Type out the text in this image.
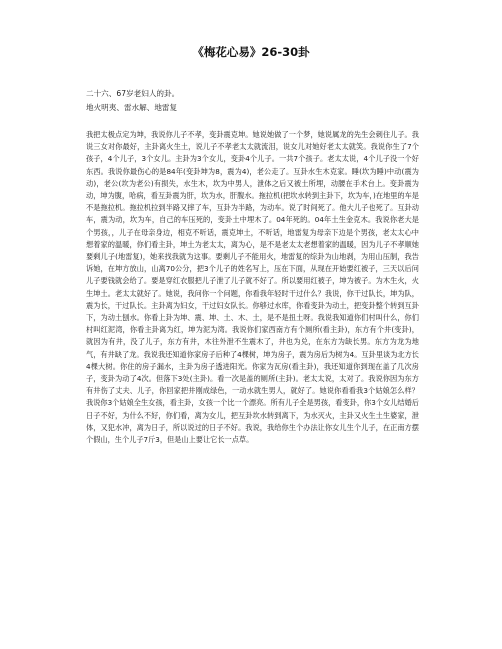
《梅花心易》26-30卦
二十六、67岁老妇人的卦。
地火明夷、雷水解、地雷复

我把太极点定为坤，我说你儿子不孝，变卦震克坤。她说她做了一个梦，她说属龙的先生会刺住儿子。我说三女对你最好，主卦离火生土，说儿子不孝老太太就流泪，说女儿对她好老太太就笑。我说你生了7个孩子，4个儿子，3个女儿。主卦为3个女儿，变卦4个儿子。一共7个孩子。老太太说，4个儿子没一个好东西。我说你最伤心的是84年(变卦坤为8，震为4)，老公走了。互卦水生木克家。睡(坎为睡)中动(震为动)，老公(坎为老公)有损失，水生木，坎为中男人，泄体之后又被土所埋，动腰在手术台上。变卦震为动，坤为腹，哈病，看互卦震为肝，坎为水，肝腹水。拖拉机(把坎水转到主卦下，坎为车，)在地里的车是不是拖拉机。拖拉机拉到半路又摔了车，互卦为半路，为动车。说了时间死了。他大儿子也死了。互卦动车，震为动，坎为车，自己的车压死的，变卦土中埋木了。04年死的。04年土生金克木。我说你老大是个男孩，，儿子在母亲身边，相克不听话，震克坤土，不听话，地雷复为母亲下边是个男孩，老太太心中想着家的温暖，你们看主卦，坤土为老太太，离为心，是不是老太太老想着家的温暖，因为儿子不孝顺她要剩儿子(地雷复)，她来找我就为这事。要剩儿子不能用火，地雷复的综卦为山地剥，为用山压制，我告诉她，在坤方放山，山离70公分，把3个儿子的姓名写上，压在下面，从现在开始要红被子，三天以后问儿子要钱就会给了。要是穿红衣服把儿子泄了儿子就不好了。所以要用红被子，坤为被子。为木生火，火生坤土。老太太就好了。她说，我问你一个问题，你看我年轻时干过什么？我说，你干过队长，坤为队，震为长，干过队长。主卦离为妇女，干过妇女队长。你够过水库，你看变卦为动土，把变卦整个转到互卦下，为动土刨水。你看上卦为坤、震、坤、土、木、土，是不是扭土呀。我说我知道你们村叫什么，你们村叫红泥湾，你看主卦离为红，坤为泥为湾。我说你们家西南方有个厕所(看主卦)，东方有个井(变卦)，就因为有井，没了儿子，东方有井，木往外泄不生震木了，井也为兑，在东方为缺长男。东方为龙为地气，有井缺了龙。我说我还知道你家房子后种了4棵树，坤为房子，震为房后为树为4。互卦里谈为北方长4棵大树。你住的房子漏水，主卦为房子透进阳光。你家为瓦房(看主卦)，我还知道你到现在盖了几次房子，变卦为动了4次。但落下3处(主卦)。看一次是盖的厕所(主卦)。老太太说，太对了。我说你因为东方有井伤了丈夫、儿子，你回家把井刚成绿色，一动水就生男人，就好了。她说你看看我3个姑娘怎么样？我说你3个姑娘全生女孩，看主卦，女孩一个比一个漂亮。所有儿子全是男孩，看变卦，你3个女儿结婚后日子不好，为什么不好，你们看，离为女儿，把互卦坎水转到离下，为水灭火，主卦又火生土生婆家，泄体，又犯水冲，离为日子，所以说过的日子不好。我说，我给你生个办法让你女儿生个儿子，在正南方摆个假山，生个儿子7斤3，但是山上要让它长一点草。
